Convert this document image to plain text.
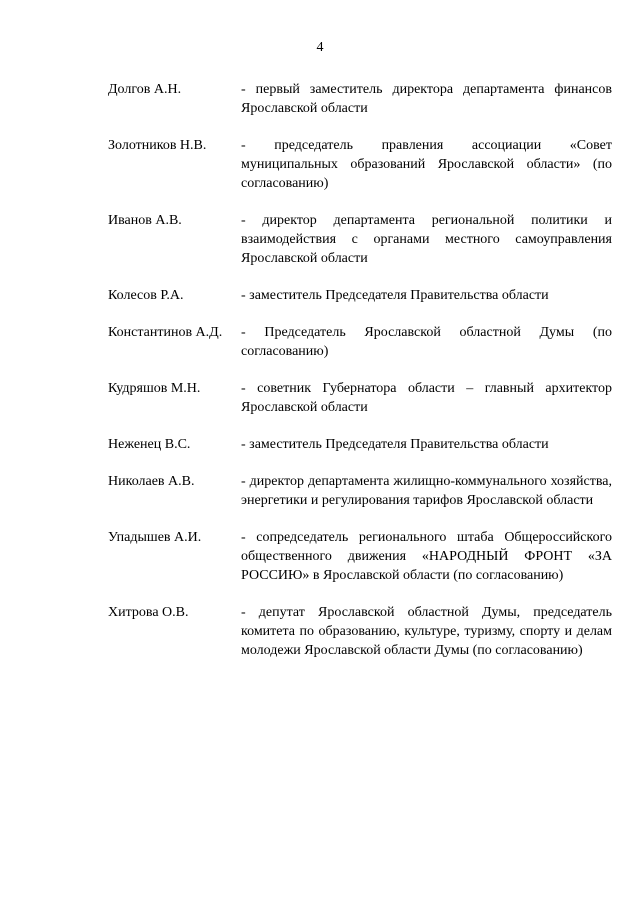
4
Долгов А.Н.	- первый заместитель директора департамента финансов Ярославской области
Золотников Н.В.	- председатель правления ассоциации «Совет муниципальных образований Ярославской области» (по согласованию)
Иванов А.В.	- директор департамента региональной политики и взаимодействия с органами местного самоуправления Ярославской области
Колесов Р.А.	- заместитель Председателя Правительства области
Константинов А.Д.	- Председатель Ярославской областной Думы (по согласованию)
Кудряшов М.Н.	- советник Губернатора области – главный архитектор Ярославской области
Неженец В.С.	- заместитель Председателя Правительства области
Николаев А.В.	- директор департамента жилищно-коммунального хозяйства, энергетики и регулирования тарифов Ярославской области
Упадышев А.И.	- сопредседатель регионального штаба Общероссийского общественного движения «НАРОДНЫЙ ФРОНТ «ЗА РОССИЮ» в Ярославской области (по согласованию)
Хитрова О.В.	- депутат Ярославской областной Думы, председатель комитета по образованию, культуре, туризму, спорту и делам молодежи Ярославской области Думы (по согласованию)
